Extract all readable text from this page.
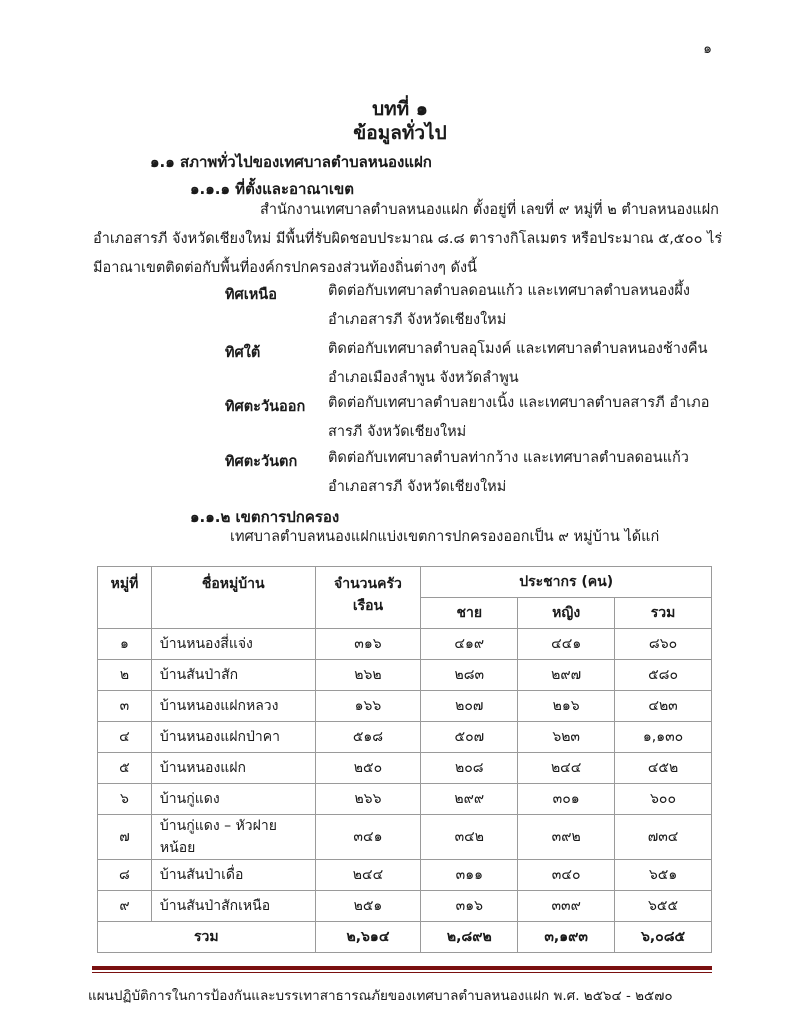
๑
บทที่ ๑
ข้อมูลทั่วไป
๑.๑ สภาพทั่วไปของเทศบาลตำบลหนองแฝก
๑.๑.๑ ที่ตั้งและอาณาเขต
สำนักงานเทศบาลตำบลหนองแฝก ตั้งอยู่ที่ เลขที่ ๙ หมู่ที่ ๒ ตำบลหนองแฝก
อำเภอสารภี จังหวัดเชียงใหม่ มีพื้นที่รับผิดชอบประมาณ ๘.๘ ตารางกิโลเมตร หรือประมาณ ๕,๕๐๐ ไร่
มีอาณาเขตติดต่อกับพื้นที่องค์กรปกครองส่วนท้องถิ่นต่างๆ ดังนี้
ทิศเหนือ	ติดต่อกับเทศบาลตำบลดอนแก้ว และเทศบาลตำบลหนองผึ้ง
อำเภอสารภี จังหวัดเชียงใหม่
ทิศใต้	ติดต่อกับเทศบาลตำบลอุโมงค์ และเทศบาลตำบลหนองช้างคืน
อำเภอเมืองลำพูน จังหวัดลำพูน
ทิศตะวันออก ติดต่อกับเทศบาลตำบลยางเนิ้ง และเทศบาลตำบลสารภี อำเภอ
สารภี จังหวัดเชียงใหม่
ทิศตะวันตก ติดต่อกับเทศบาลตำบลท่ากว้าง และเทศบาลตำบลดอนแก้ว
อำเภอสารภี จังหวัดเชียงใหม่
๑.๑.๒ เขตการปกครอง
เทศบาลตำบลหนองแฝกแบ่งเขตการปกครองออกเป็น ๙ หมู่บ้าน ได้แก่
หมู่ที่	ชื่อหมู่บ้าน	จำนวนครัวเรือน	ประชากร (คน)		
			ชาย	หญิง	รวม
๑	บ้านหนองสี่แจ่ง	๓๑๖	๔๑๙	๔๔๑	๘๖๐
๒	บ้านสันป่าสัก	๒๖๒	๒๘๓	๒๙๗	๕๘๐
๓	บ้านหนองแฝกหลวง	๑๖๖	๒๐๗	๒๑๖	๔๒๓
๔	บ้านหนองแฝกป่าคา	๕๑๘	๕๐๗	๖๒๓	๑,๑๓๐
๕	บ้านหนองแฝก	๒๕๐	๒๐๘	๒๔๔	๔๕๒
๖	บ้านกู่แดง	๒๖๖	๒๙๙	๓๐๑	๖๐๐
๗	บ้านกู่แดง – หัวฝายหน้อย	๓๔๑	๓๔๒	๓๙๒	๗๓๔
๘	บ้านสันป่าเดื่อ	๒๔๔	๓๑๑	๓๔๐	๖๕๑
๙	บ้านสันป่าสักเหนือ	๒๕๑	๓๑๖	๓๓๙	๖๕๕
รวม		๒,๖๑๔	๒,๘๙๒	๓,๑๙๓	๖,๐๘๕
แผนปฏิบัติการในการป้องกันและบรรเทาสาธารณภัยของเทศบาลตำบลหนองแฝก พ.ศ. ๒๕๖๔ - ๒๕๗๐
